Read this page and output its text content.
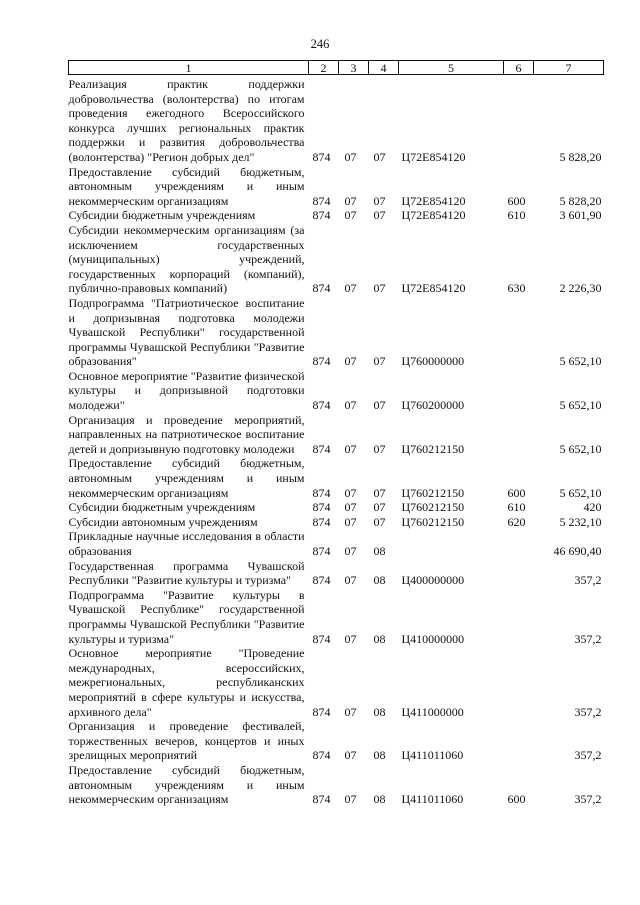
246
1	2	3	4	5	6	7
Реализация практик поддержки добровольчества (волонтерства) по итогам проведения ежегодного Всероссийского конкурса лучших региональных практик поддержки и развития добровольчества (волонтерства) "Регион добрых дел"	874	07	07	Ц72Е854120		5 828,20
Предоставление субсидий бюджетным, автономным учреждениям и иным некоммерческим организациям	874	07	07	Ц72Е854120	600	5 828,20
Субсидии бюджетным учреждениям	874	07	07	Ц72Е854120	610	3 601,90
Субсидии некоммерческим организациям (за исключением государственных (муниципальных) учреждений, государственных корпораций (компаний), публично-правовых компаний)	874	07	07	Ц72Е854120	630	2 226,30
Подпрограмма "Патриотическое воспитание и допризывная подготовка молодежи Чувашской Республики" государственной программы Чувашской Республики "Развитие образования"	874	07	07	Ц760000000		5 652,10
Основное мероприятие "Развитие физической культуры и допризывной подготовки молодежи"	874	07	07	Ц760200000		5 652,10
Организация и проведение мероприятий, направленных на патриотическое воспитание детей и допризывную подготовку молодежи	874	07	07	Ц760212150		5 652,10
Предоставление субсидий бюджетным, автономным учреждениям и иным некоммерческим организациям	874	07	07	Ц760212150	600	5 652,10
Субсидии бюджетным учреждениям	874	07	07	Ц760212150	610	420
Субсидии автономным учреждениям	874	07	07	Ц760212150	620	5 232,10
Прикладные научные исследования в области образования	874	07	08			46 690,40
Государственная программа Чувашской Республики "Развитие культуры и туризма"	874	07	08	Ц400000000		357,2
Подпрограмма "Развитие культуры в Чувашской Республике" государственной программы Чувашской Республики "Развитие культуры и туризма"	874	07	08	Ц410000000		357,2
Основное мероприятие "Проведение международных, всероссийских, межрегиональных, республиканских мероприятий в сфере культуры и искусства, архивного дела"	874	07	08	Ц411000000		357,2
Организация и проведение фестивалей, торжественных вечеров, концертов и иных зрелищных мероприятий	874	07	08	Ц411011060		357,2
Предоставление субсидий бюджетным, автономным учреждениям и иным некоммерческим организациям	874	07	08	Ц411011060	600	357,2
